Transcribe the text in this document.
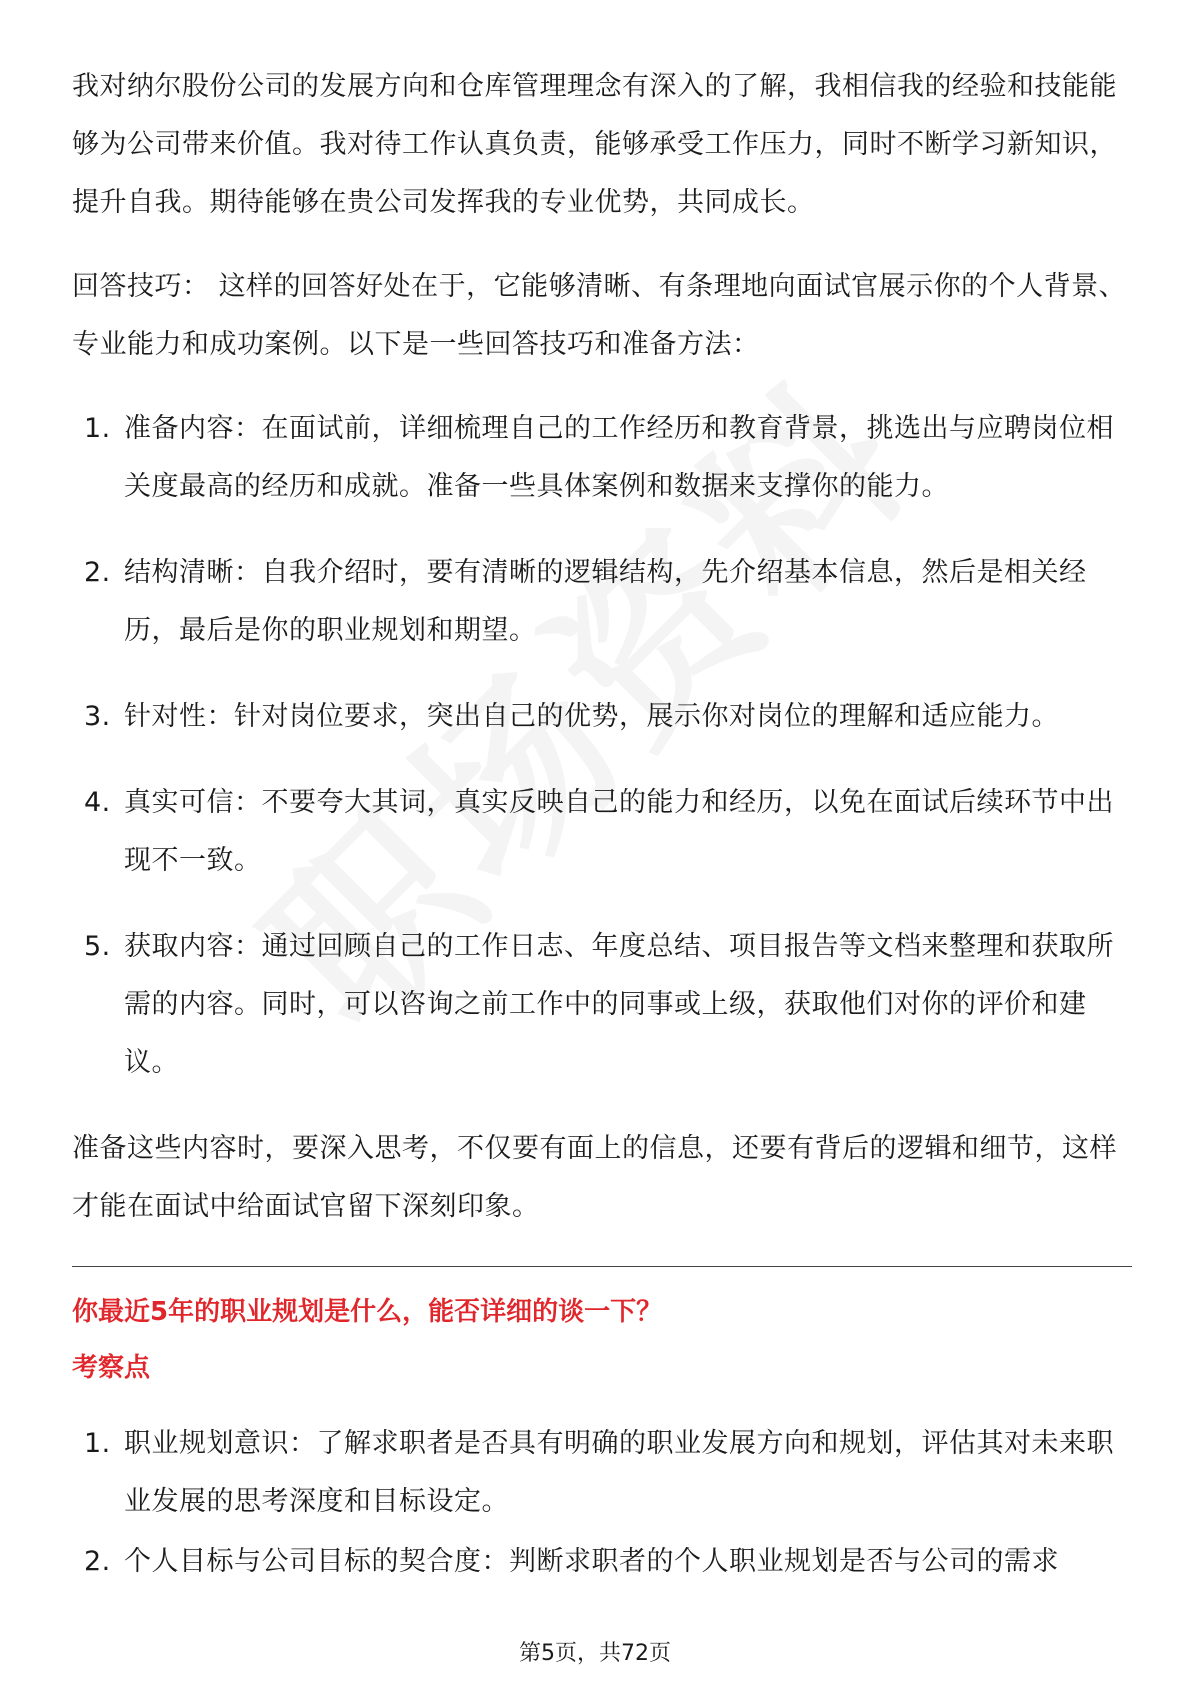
我对纳尔股份公司的发展方向和仓库管理理念有深入的了解，我相信我的经验和技能能够为公司带来价值。我对待工作认真负责，能够承受工作压力，同时不断学习新知识，提升自我。期待能够在贵公司发挥我的专业优势，共同成长。

回答技巧： 这样的回答好处在于，它能够清晰、有条理地向面试官展示你的个人背景、专业能力和成功案例。以下是一些回答技巧和准备方法：

1. 准备内容：在面试前，详细梳理自己的工作经历和教育背景，挑选出与应聘岗位相关度最高的经历和成就。准备一些具体案例和数据来支撑你的能力。
2. 结构清晰：自我介绍时，要有清晰的逻辑结构，先介绍基本信息，然后是相关经历，最后是你的职业规划和期望。
3. 针对性：针对岗位要求，突出自己的优势，展示你对岗位的理解和适应能力。
4. 真实可信：不要夸大其词，真实反映自己的能力和经历，以免在面试后续环节中出现不一致。
5. 获取内容：通过回顾自己的工作日志、年度总结、项目报告等文档来整理和获取所需的内容。同时，可以咨询之前工作中的同事或上级，获取他们对你的评价和建议。

准备这些内容时，要深入思考，不仅要有面上的信息，还要有背后的逻辑和细节，这样才能在面试中给面试官留下深刻印象。

你最近5年的职业规划是什么，能否详细的谈一下？

考察点

1. 职业规划意识：了解求职者是否具有明确的职业发展方向和规划，评估其对未来职业发展的思考深度和目标设定。
2. 个人目标与公司目标的契合度：判断求职者的个人职业规划是否与公司的需求
第5页，共72页
